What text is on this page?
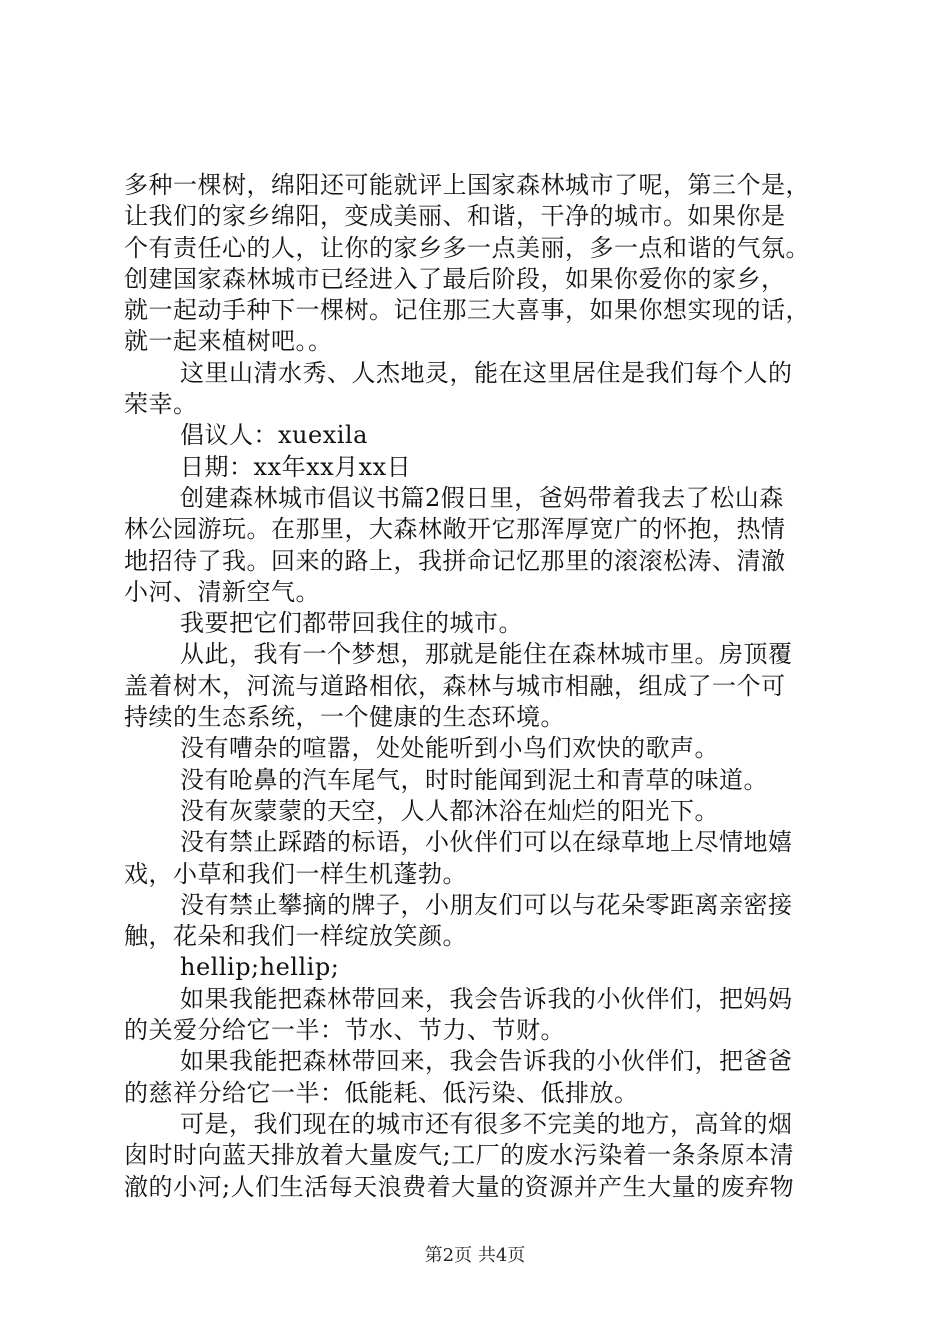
多种一棵树，绵阳还可能就评上国家森林城市了呢，第三个是，
让我们的家乡绵阳，变成美丽、和谐，干净的城市。如果你是
个有责任心的人，让你的家乡多一点美丽，多一点和谐的气氛。
创建国家森林城市已经进入了最后阶段，如果你爱你的家乡，
就一起动手种下一棵树。记住那三大喜事，如果你想实现的话，
就一起来植树吧。。
这里山清水秀、人杰地灵，能在这里居住是我们每个人的
荣幸。
倡议人：xuexila
日期：xx年xx月xx日
创建森林城市倡议书篇2假日里，爸妈带着我去了松山森
林公园游玩。在那里，大森林敞开它那浑厚宽广的怀抱，热情
地招待了我。回来的路上，我拼命记忆那里的滚滚松涛、清澈
小河、清新空气。
我要把它们都带回我住的城市。
从此，我有一个梦想，那就是能住在森林城市里。房顶覆
盖着树木，河流与道路相依，森林与城市相融，组成了一个可
持续的生态系统，一个健康的生态环境。
没有嘈杂的喧嚣，处处能听到小鸟们欢快的歌声。
没有呛鼻的汽车尾气，时时能闻到泥土和青草的味道。
没有灰蒙蒙的天空，人人都沐浴在灿烂的阳光下。
没有禁止踩踏的标语，小伙伴们可以在绿草地上尽情地嬉
戏，小草和我们一样生机蓬勃。
没有禁止攀摘的牌子，小朋友们可以与花朵零距离亲密接
触，花朵和我们一样绽放笑颜。
hellip;hellip;
如果我能把森林带回来，我会告诉我的小伙伴们，把妈妈
的关爱分给它一半：节水、节力、节财。
如果我能把森林带回来，我会告诉我的小伙伴们，把爸爸
的慈祥分给它一半：低能耗、低污染、低排放。
可是，我们现在的城市还有很多不完美的地方，高耸的烟
囱时时向蓝天排放着大量废气;工厂的废水污染着一条条原本清
澈的小河;人们生活每天浪费着大量的资源并产生大量的废弃物
第2页 共4页
